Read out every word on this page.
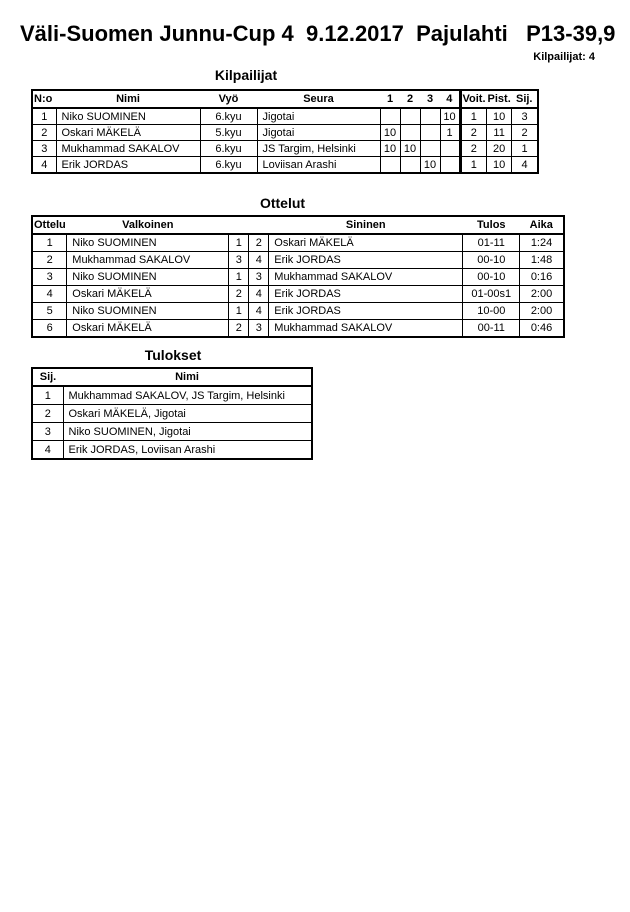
Väli-Suomen Junnu-Cup 4  9.12.2017  Pajulahti   P13-39,9
Kilpailijat: 4
Kilpailijat
N:o	Nimi	Vyö	Seura	1	2	3	4	Voit.	Pist.	Sij.
1	Niko SUOMINEN	6.kyu	Jigotai				10	1	10	3
2	Oskari MÄKELÄ	5.kyu	Jigotai	10			1	2	11	2
3	Mukhammad SAKALOV	6.kyu	JS Targim, Helsinki	10	10			2	20	1
4	Erik JORDAS	6.kyu	Loviisan Arashi			10		1	10	4
Ottelut
Ottelu	Valkoinen			Sininen	Tulos	Aika
1	Niko SUOMINEN	1	2	Oskari MÄKELÄ	01-11	1:24
2	Mukhammad SAKALOV	3	4	Erik JORDAS	00-10	1:48
3	Niko SUOMINEN	1	3	Mukhammad SAKALOV	00-10	0:16
4	Oskari MÄKELÄ	2	4	Erik JORDAS	01-00s1	2:00
5	Niko SUOMINEN	1	4	Erik JORDAS	10-00	2:00
6	Oskari MÄKELÄ	2	3	Mukhammad SAKALOV	00-11	0:46
Tulokset
Sij.	Nimi
1	Mukhammad SAKALOV, JS Targim, Helsinki
2	Oskari MÄKELÄ, Jigotai
3	Niko SUOMINEN, Jigotai
4	Erik JORDAS, Loviisan Arashi
